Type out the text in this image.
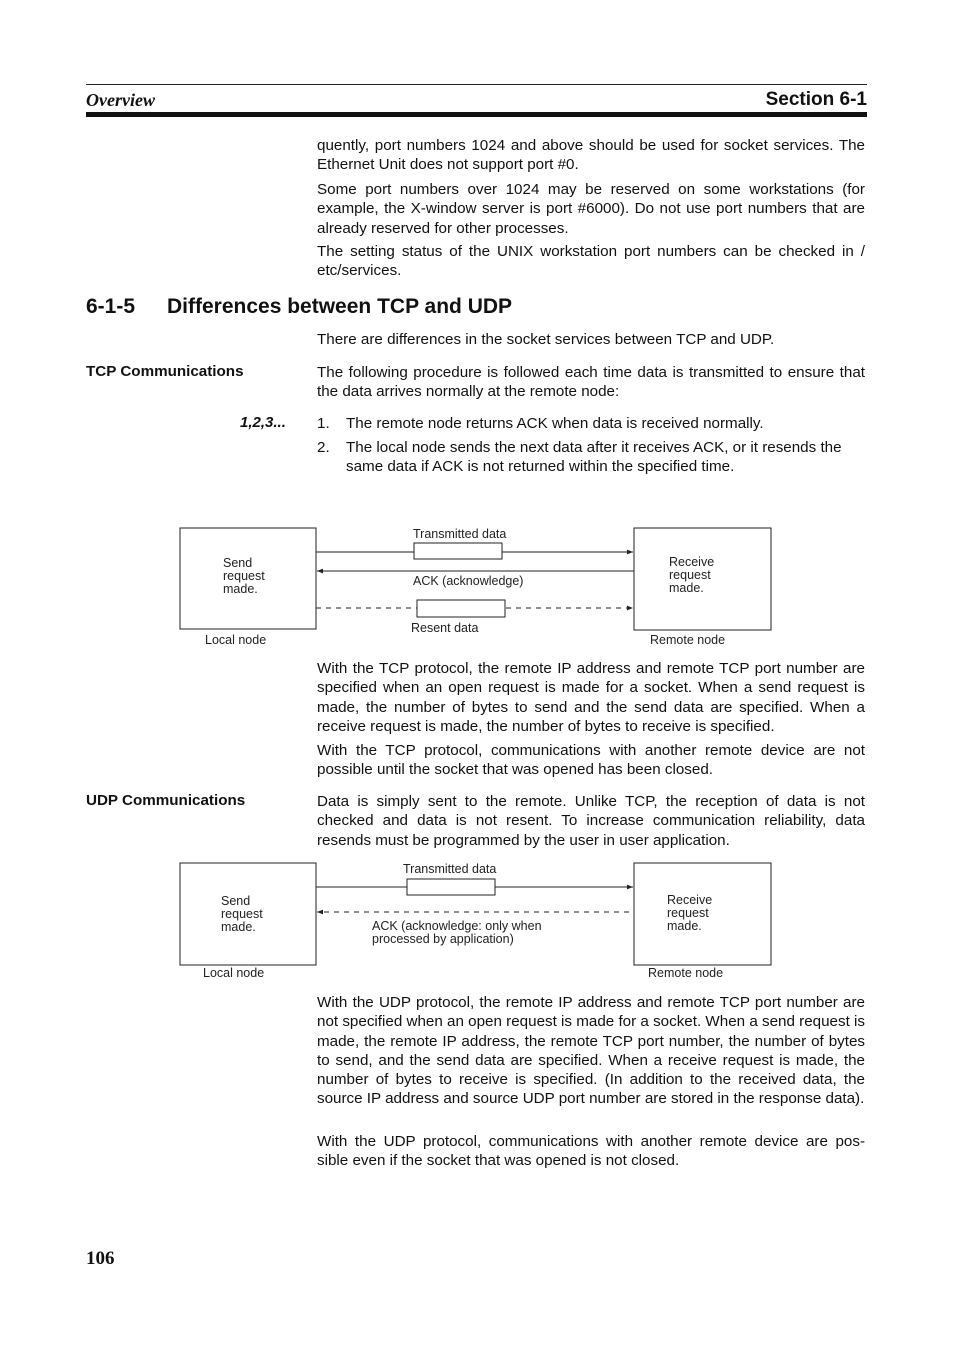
Overview	Section 6-1

quently, port numbers 1024 and above should be used for socket services. The Ethernet Unit does not support port #0.

Some port numbers over 1024 may be reserved on some workstations (for example, the X-window server is port #6000). Do not use port numbers that are already reserved for other processes.

The setting status of the UNIX workstation port numbers can be checked in / etc/services.

6-1-5 Differences between TCP and UDP

There are differences in the socket services between TCP and UDP.

TCP Communications	The following procedure is followed each time data is transmitted to ensure that the data arrives normally at the remote node:

1,2,3... 1. The remote node returns ACK when data is received normally.
2. The local node sends the next data after it receives ACK, or it resends the same data if ACK is not returned within the specified time.
Send
request
made.
Receive
request
made.
Local node	Remote node
Transmitted data
ACK (acknowledge)
Resent data

With the TCP protocol, the remote IP address and remote TCP port number are specified when an open request is made for a socket. When a send request is made, the number of bytes to send and the send data are specified. When a receive request is made, the number of bytes to receive is specified.

With the TCP protocol, communications with another remote device are not possible until the socket that was opened has been closed.

UDP Communications	Data is simply sent to the remote. Unlike TCP, the reception of data is not checked and data is not resent. To increase communication reliability, data resends must be programmed by the user in user application.

Send
request
made.
Receive
request
made.
Local node	Remote node
Transmitted data
ACK (acknowledge: only when
processed by application)

With the UDP protocol, the remote IP address and remote TCP port number are not specified when an open request is made for a socket. When a send request is made, the remote IP address, the remote TCP port number, the number of bytes to send, and the send data are specified. When a receive request is made, the number of bytes to receive is specified. (In addition to the received data, the source IP address and source UDP port number are stored in the response data).

With the UDP protocol, communications with another remote device are pos- sible even if the socket that was opened is not closed.

106
